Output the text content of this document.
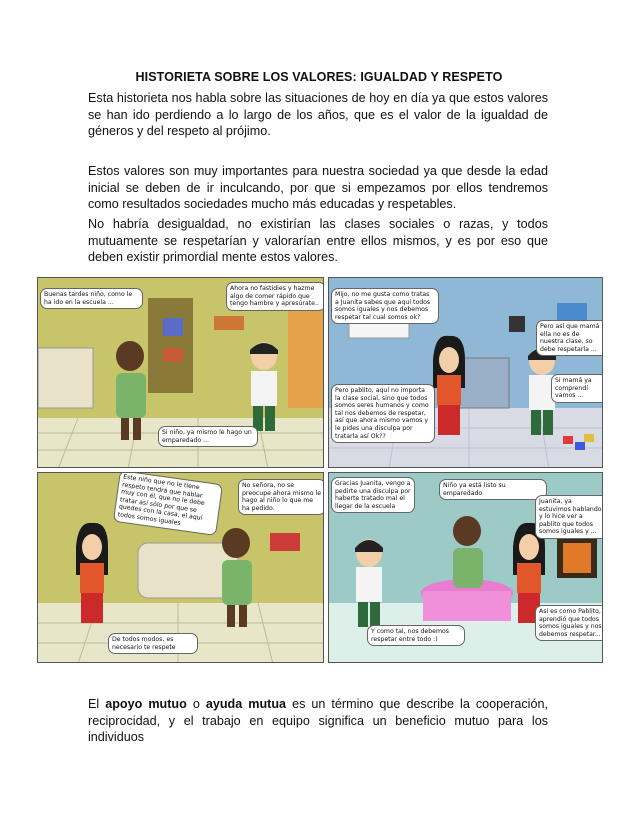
HISTORIETA SOBRE LOS VALORES: IGUALDAD Y RESPETO

Esta historieta nos habla sobre las situaciones de hoy en día ya que estos valores se han ido perdiendo a lo largo de los años, que es el valor de la igualdad de géneros y del respeto al prójimo.

Estos valores son muy importantes para nuestra sociedad ya que desde la edad inicial se deben de ir inculcando, por que si empezamos por ellos tendremos como resultados sociedades mucho más educadas y respetables.

No habría desigualdad, no existirían las clases sociales o razas, y todos mutuamente se respetarían y valorarían entre ellos mismos, y es por eso que deben existir primordial mente estos valores.

Buenas tardes niño, como le ha ido en la escuela ...
Ahora no fastidies y hazme algo de comer rápido que tengo hambre y apresúrate..
Si niño, ya mismo le hago un emparedado ...
Mijo, no me gusta como tratas a Juanita sabes que aquí todos somos iguales y nos debemos respetar tal cual somos ok?
Pero así que mamá ella no es de nuestra clase, so debe respetarla ...
Pero pablito, aquí no importa la clase social, sino que todos somos seres humanos y como tal nos debemos de respetar, así que ahora mismo vamos y le pides una disculpa por tratarla así Ok??
Si mamá ya comprendí vamos ...
Este niño que no le tiene respeto tendrá que hablar muy con él, que no le debe tratar así sólo por que se quedes con la casa, el aquí todos somos iguales
No señora, no se preocupe ahora mismo le hago al niño lo que me ha pedido.
De todos modos, es necesario te respete
Gracias Juanita, vengo a pedirte una disculpa por haberte tratado mal el llegar de la escuela
Niño ya está listo su emparedado
Juanita, ya estuvimos hablando y lo hice ver a pablito que todos somos iguales y ...
Y como tal, nos debemos respetar entre todo :)
Así es como Pablito, aprendió que todos somos iguales y nos debemos respetar...

El apoyo mutuo o ayuda mutua es un término que describe la cooperación, reciprocidad, y el trabajo en equipo significa un beneficio mutuo para los individuos
